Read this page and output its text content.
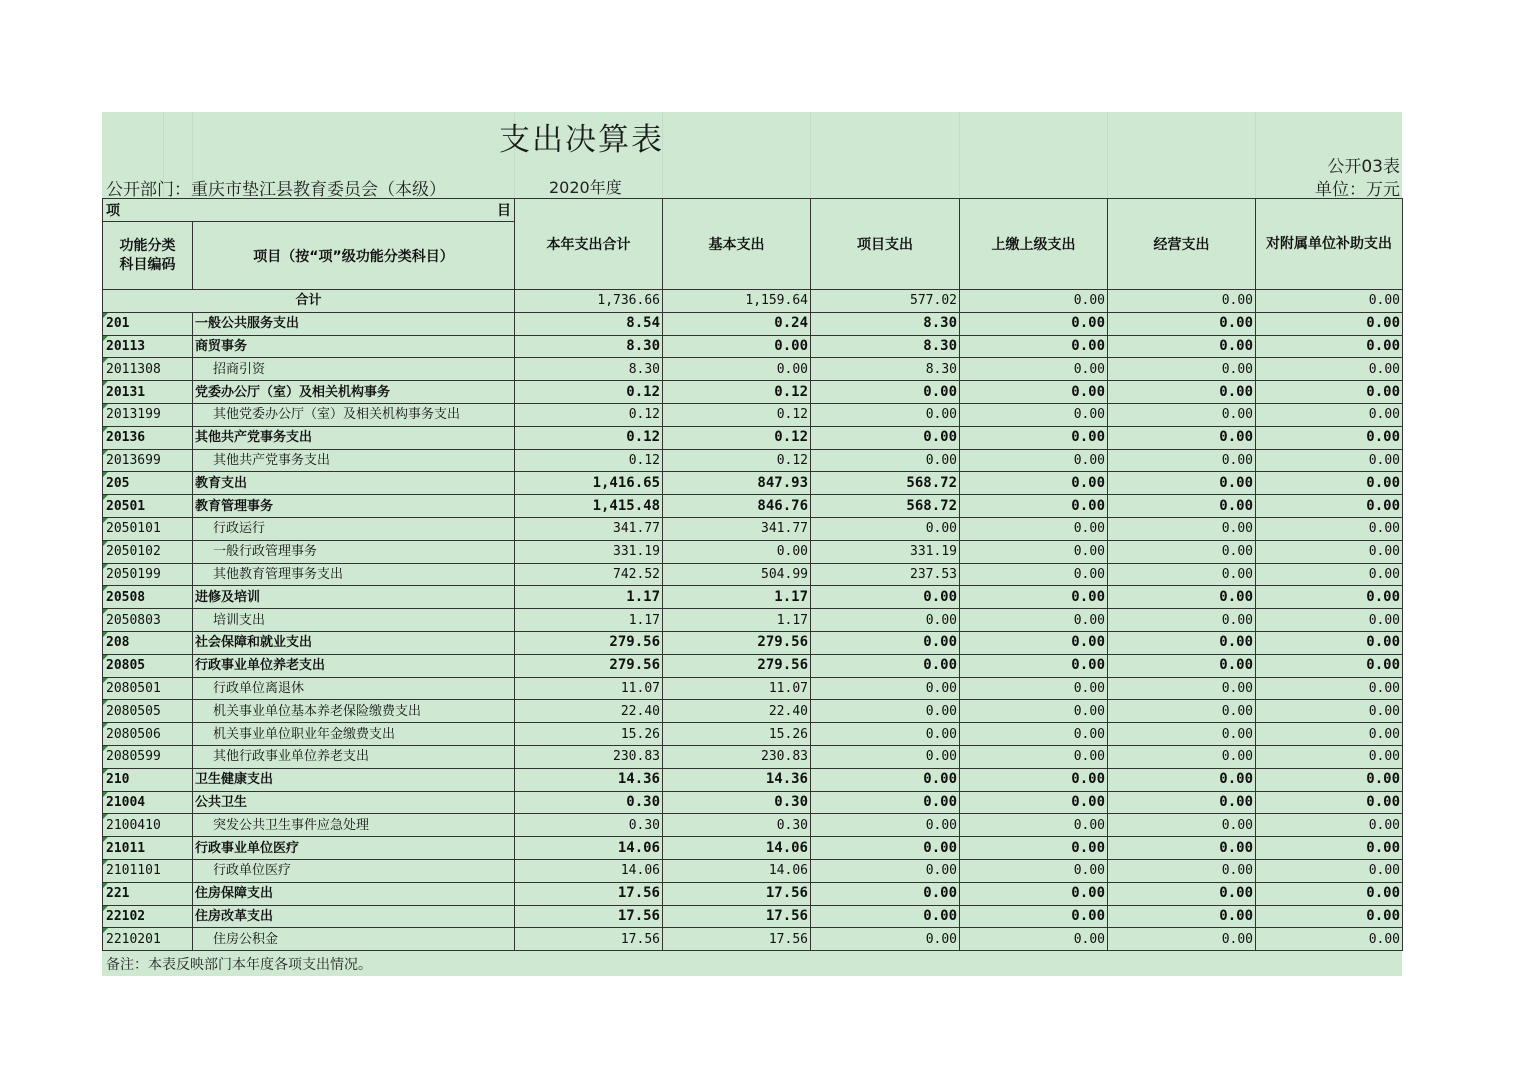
支出决算表
公开03表
公开部门：重庆市垫江县教育委员会（本级）	2020年度	单位：万元
项 目		本年支出合计	基本支出	项目支出	上缴上级支出	经营支出	对附属单位补助支出
功能分类科目编码	项目（按“项”级功能分类科目）						
合计		1,736.66	1,159.64	577.02	0.00	0.00	0.00
201	一般公共服务支出	8.54	0.24	8.30	0.00	0.00	0.00
20113	商贸事务	8.30	0.00	8.30	0.00	0.00	0.00
2011308	招商引资	8.30	0.00	8.30	0.00	0.00	0.00
20131	党委办公厅（室）及相关机构事务	0.12	0.12	0.00	0.00	0.00	0.00
2013199	其他党委办公厅（室）及相关机构事务支出	0.12	0.12	0.00	0.00	0.00	0.00
20136	其他共产党事务支出	0.12	0.12	0.00	0.00	0.00	0.00
2013699	其他共产党事务支出	0.12	0.12	0.00	0.00	0.00	0.00
205	教育支出	1,416.65	847.93	568.72	0.00	0.00	0.00
20501	教育管理事务	1,415.48	846.76	568.72	0.00	0.00	0.00
2050101	行政运行	341.77	341.77	0.00	0.00	0.00	0.00
2050102	一般行政管理事务	331.19	0.00	331.19	0.00	0.00	0.00
2050199	其他教育管理事务支出	742.52	504.99	237.53	0.00	0.00	0.00
20508	进修及培训	1.17	1.17	0.00	0.00	0.00	0.00
2050803	培训支出	1.17	1.17	0.00	0.00	0.00	0.00
208	社会保障和就业支出	279.56	279.56	0.00	0.00	0.00	0.00
20805	行政事业单位养老支出	279.56	279.56	0.00	0.00	0.00	0.00
2080501	行政单位离退休	11.07	11.07	0.00	0.00	0.00	0.00
2080505	机关事业单位基本养老保险缴费支出	22.40	22.40	0.00	0.00	0.00	0.00
2080506	机关事业单位职业年金缴费支出	15.26	15.26	0.00	0.00	0.00	0.00
2080599	其他行政事业单位养老支出	230.83	230.83	0.00	0.00	0.00	0.00
210	卫生健康支出	14.36	14.36	0.00	0.00	0.00	0.00
21004	公共卫生	0.30	0.30	0.00	0.00	0.00	0.00
2100410	突发公共卫生事件应急处理	0.30	0.30	0.00	0.00	0.00	0.00
21011	行政事业单位医疗	14.06	14.06	0.00	0.00	0.00	0.00
2101101	行政单位医疗	14.06	14.06	0.00	0.00	0.00	0.00
221	住房保障支出	17.56	17.56	0.00	0.00	0.00	0.00
22102	住房改革支出	17.56	17.56	0.00	0.00	0.00	0.00
2210201	住房公积金	17.56	17.56	0.00	0.00	0.00	0.00
备注：本表反映部门本年度各项支出情况。
